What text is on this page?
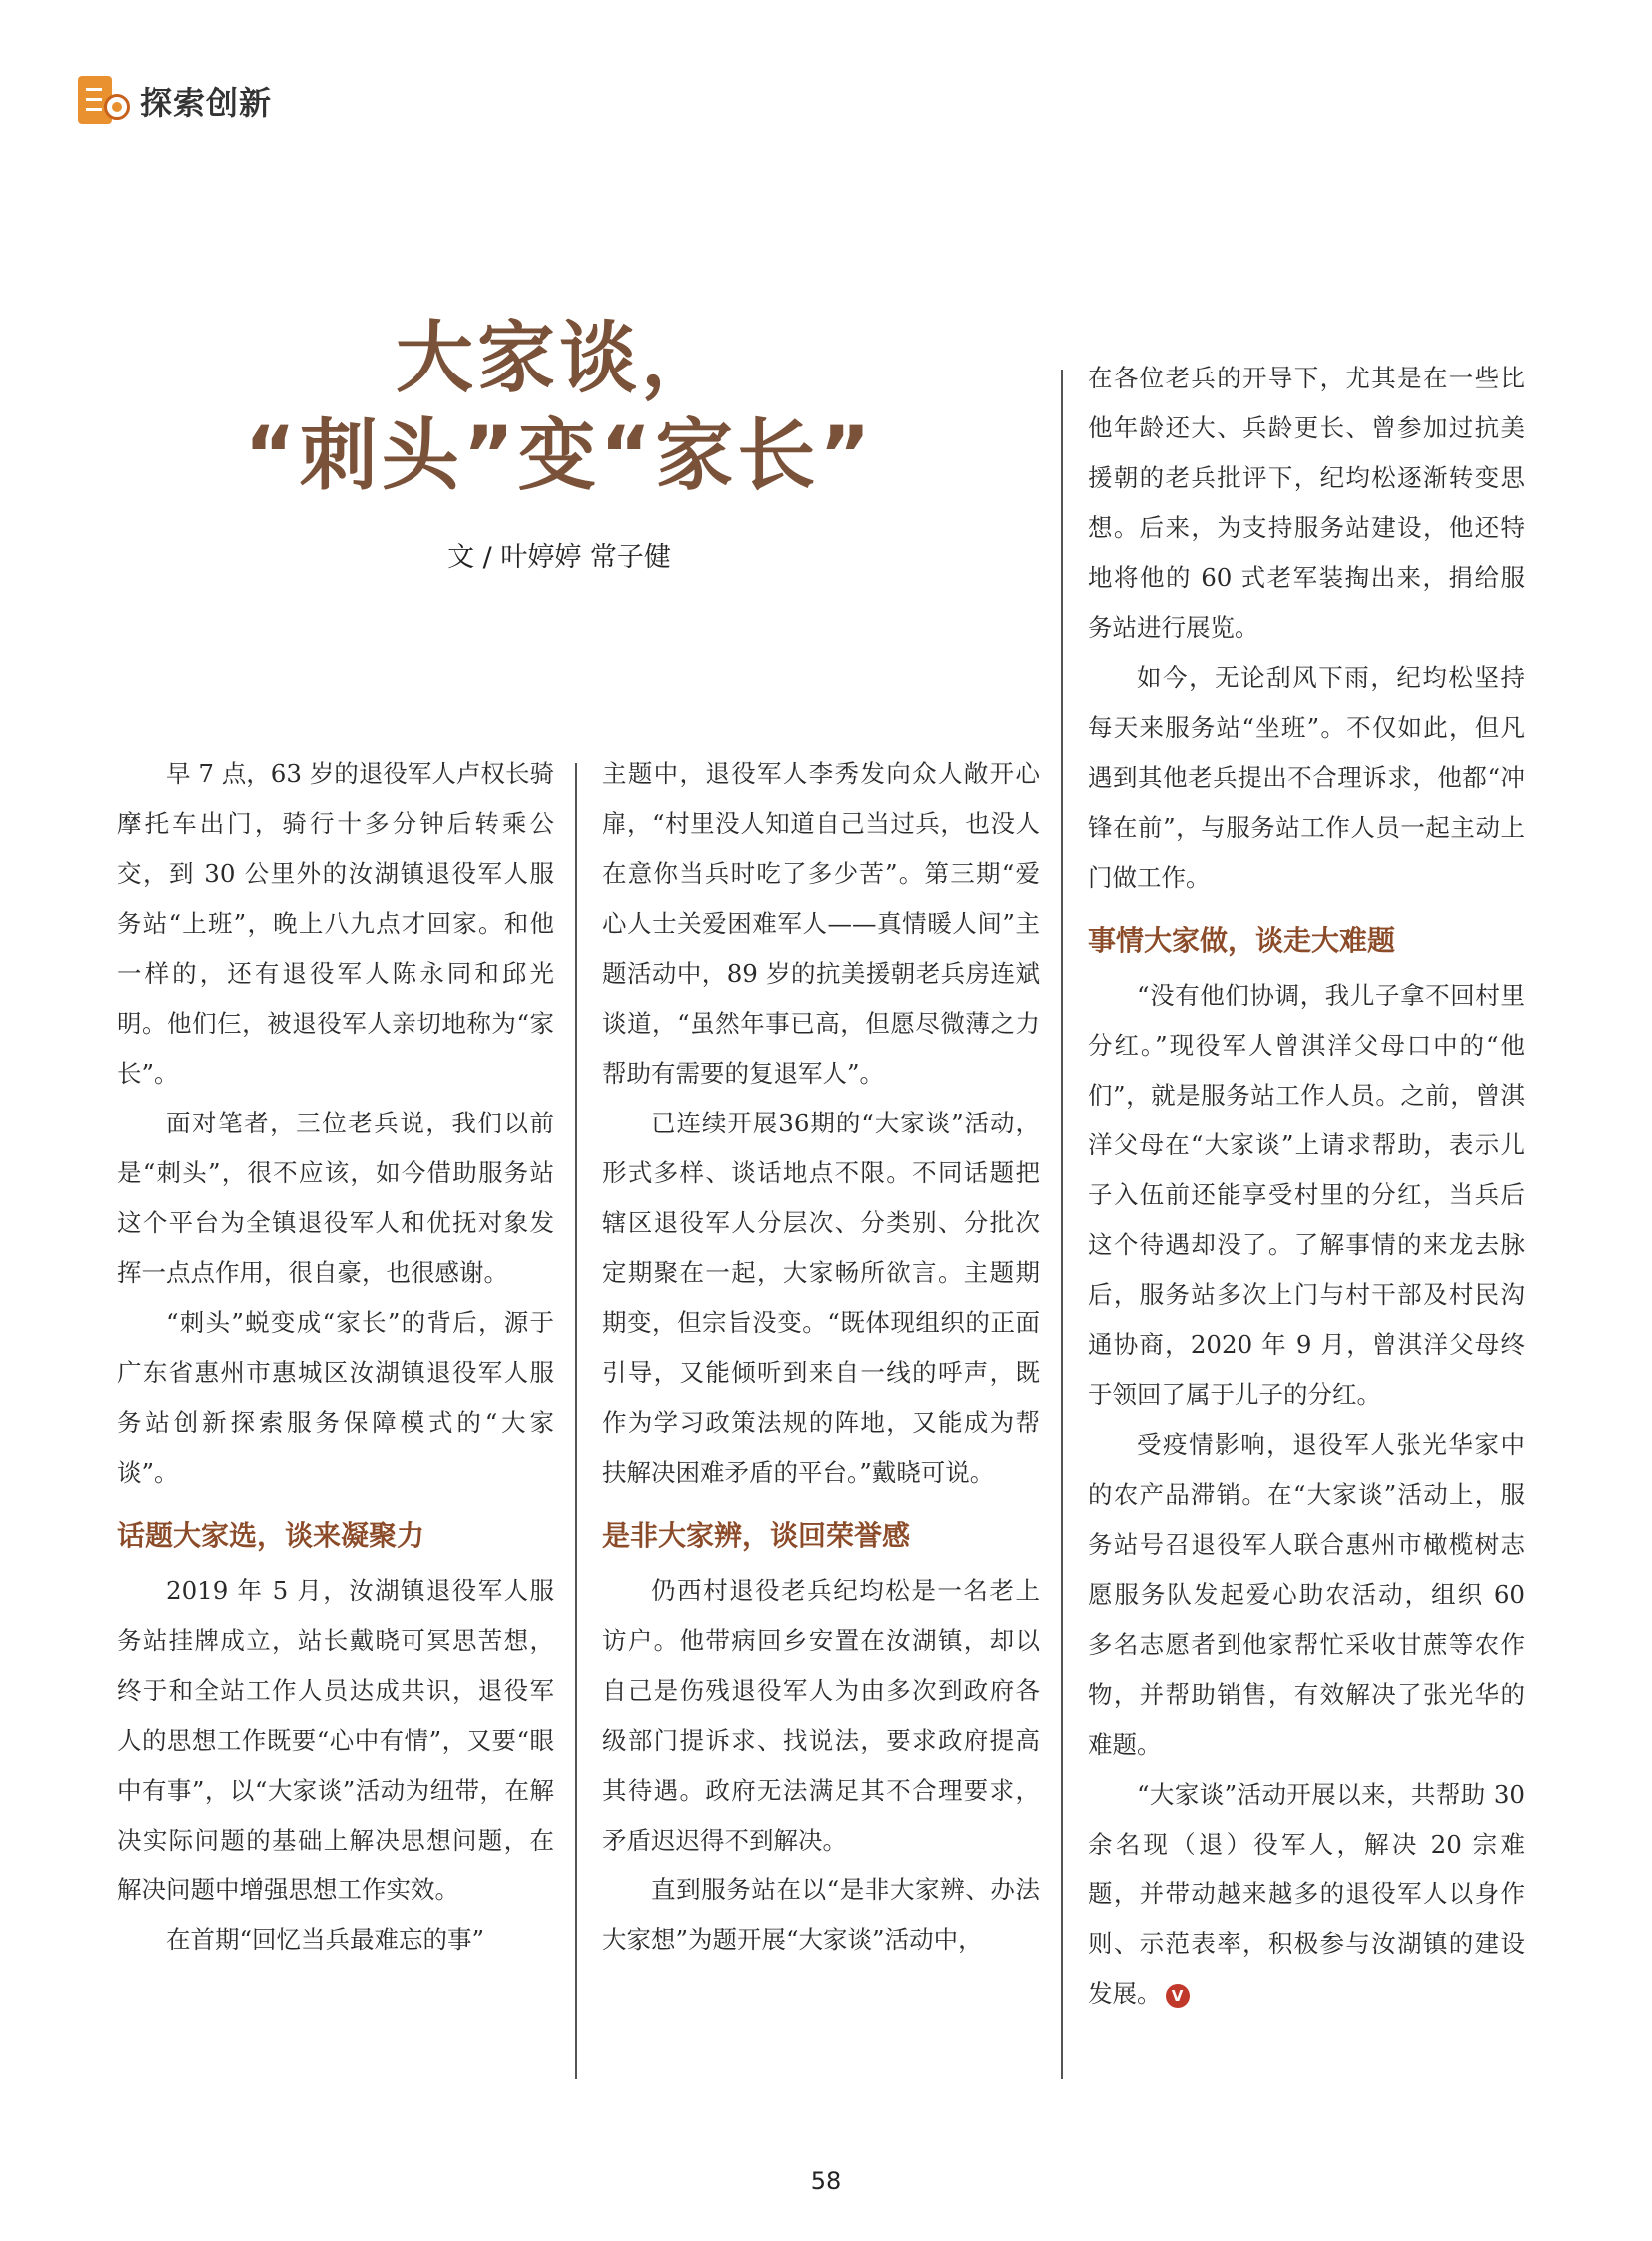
探索创新
大家谈，
“刺头”变“家长”
文 / 叶婷婷 常子健

早 7 点，63 岁的退役军人卢权长骑摩托车出门，骑行十多分钟后转乘公交，到 30 公里外的汝湖镇退役军人服务站“上班”，晚上八九点才回家。和他一样的，还有退役军人陈永同和邱光明。他们仨，被退役军人亲切地称为“家长”。

面对笔者，三位老兵说，我们以前是“刺头”，很不应该，如今借助服务站这个平台为全镇退役军人和优抚对象发挥一点点作用，很自豪，也很感谢。

“刺头”蜕变成“家长”的背后，源于广东省惠州市惠城区汝湖镇退役军人服务站创新探索服务保障模式的“大家谈”。

话题大家选，谈来凝聚力

2019 年 5 月，汝湖镇退役军人服务站挂牌成立，站长戴晓可冥思苦想，终于和全站工作人员达成共识，退役军人的思想工作既要“心中有情”，又要“眼中有事”，以“大家谈”活动为纽带，在解决实际问题的基础上解决思想问题，在解决问题中增强思想工作实效。

在首期“回忆当兵最难忘的事”

主题中，退役军人李秀发向众人敞开心扉，“村里没人知道自己当过兵，也没人在意你当兵时吃了多少苦”。第三期“爱心人士关爱困难军人——真情暖人间”主题活动中，89 岁的抗美援朝老兵房连斌谈道，“虽然年事已高，但愿尽微薄之力帮助有需要的复退军人”。

已连续开展36期的“大家谈”活动，形式多样、谈话地点不限。不同话题把辖区退役军人分层次、分类别、分批次定期聚在一起，大家畅所欲言。主题期期变，但宗旨没变。“既体现组织的正面引导，又能倾听到来自一线的呼声，既作为学习政策法规的阵地，又能成为帮扶解决困难矛盾的平台。”戴晓可说。

是非大家辨，谈回荣誉感

仍西村退役老兵纪均松是一名老上访户。他带病回乡安置在汝湖镇，却以自己是伤残退役军人为由多次到政府各级部门提诉求、找说法，要求政府提高其待遇。政府无法满足其不合理要求，矛盾迟迟得不到解决。

直到服务站在以“是非大家辨、办法大家想”为题开展“大家谈”活动中，

在各位老兵的开导下，尤其是在一些比他年龄还大、兵龄更长、曾参加过抗美援朝的老兵批评下，纪均松逐渐转变思想。后来，为支持服务站建设，他还特地将他的 60 式老军装掏出来，捐给服务站进行展览。

如今，无论刮风下雨，纪均松坚持每天来服务站“坐班”。不仅如此，但凡遇到其他老兵提出不合理诉求，他都“冲锋在前”，与服务站工作人员一起主动上门做工作。

事情大家做，谈走大难题

“没有他们协调，我儿子拿不回村里分红。”现役军人曾淇洋父母口中的“他们”，就是服务站工作人员。之前，曾淇洋父母在“大家谈”上请求帮助，表示儿子入伍前还能享受村里的分红，当兵后这个待遇却没了。了解事情的来龙去脉后，服务站多次上门与村干部及村民沟通协商，2020 年 9 月，曾淇洋父母终于领回了属于儿子的分红。

受疫情影响，退役军人张光华家中的农产品滞销。在“大家谈”活动上，服务站号召退役军人联合惠州市橄榄树志愿服务队发起爱心助农活动，组织 60 多名志愿者到他家帮忙采收甘蔗等农作物，并帮助销售，有效解决了张光华的难题。

“大家谈”活动开展以来，共帮助 30 余名现（退）役军人，解决 20 宗难题，并带动越来越多的退役军人以身作则、示范表率，积极参与汝湖镇的建设发展。 V

58
